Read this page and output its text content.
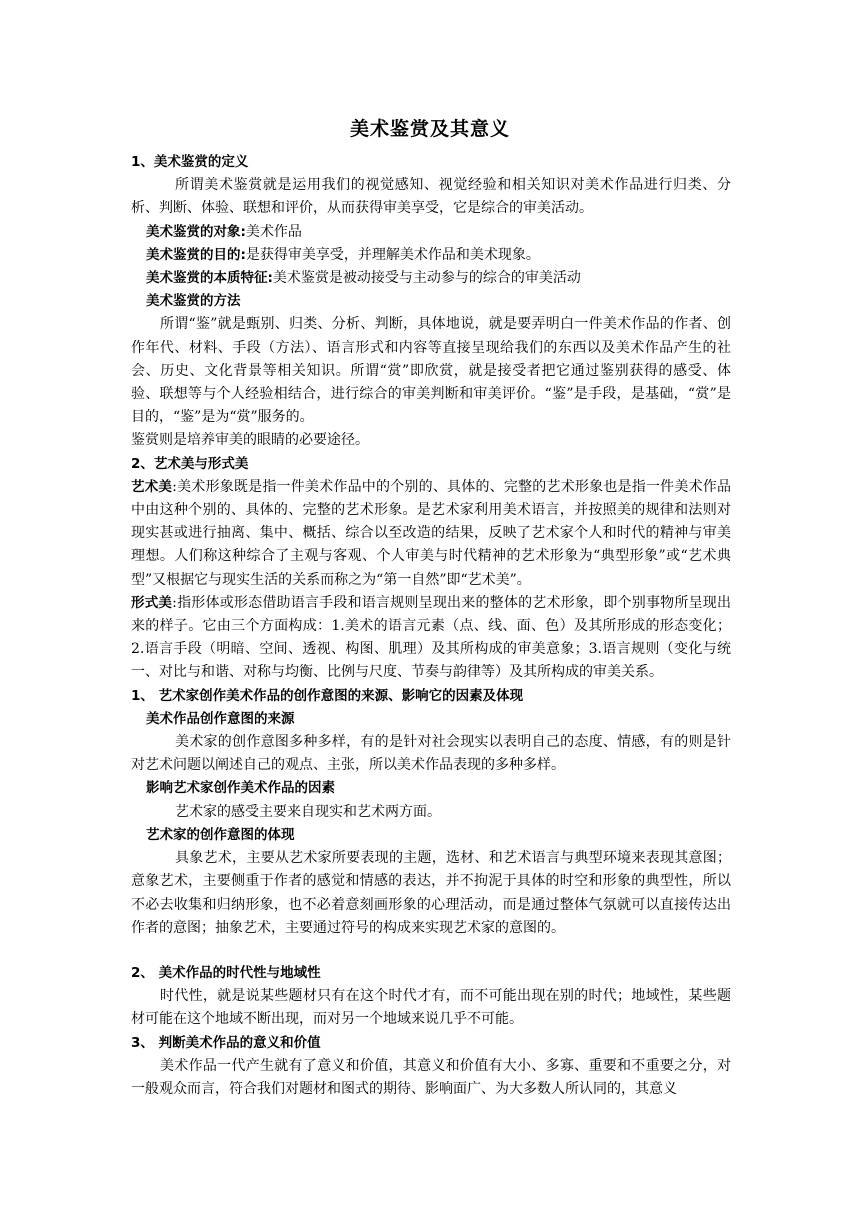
美术鉴赏及其意义

1、美术鉴赏的定义

所谓美术鉴赏就是运用我们的视觉感知、视觉经验和相关知识对美术作品进行归类、分析、判断、体验、联想和评价，从而获得审美享受，它是综合的审美活动。

美术鉴赏的对象:美术作品

美术鉴赏的目的:是获得审美享受，并理解美术作品和美术现象。

美术鉴赏的本质特征:美术鉴赏是被动接受与主动参与的综合的审美活动

美术鉴赏的方法

所谓“鉴”就是甄别、归类、分析、判断，具体地说，就是要弄明白一件美术作品的作者、创作年代、材料、手段（方法）、语言形式和内容等直接呈现给我们的东西以及美术作品产生的社会、历史、文化背景等相关知识。所谓“赏”即欣赏，就是接受者把它通过鉴别获得的感受、体验、联想等与个人经验相结合，进行综合的审美判断和审美评价。“鉴”是手段，是基础，“赏”是目的，“鉴”是为“赏”服务的。

鉴赏则是培养审美的眼睛的必要途径。

2、艺术美与形式美

艺术美:美术形象既是指一件美术作品中的个别的、具体的、完整的艺术形象也是指一件美术作品中由这种个别的、具体的、完整的艺术形象。是艺术家利用美术语言，并按照美的规律和法则对现实甚或进行抽离、集中、概括、综合以至改造的结果，反映了艺术家个人和时代的精神与审美理想。人们称这种综合了主观与客观、个人审美与时代精神的艺术形象为“典型形象”或“艺术典型”又根据它与现实生活的关系而称之为“第一自然”即“艺术美”。

形式美:指形体或形态借助语言手段和语言规则呈现出来的整体的艺术形象，即个别事物所呈现出来的样子。它由三个方面构成：1.美术的语言元素（点、线、面、色）及其所形成的形态变化；2.语言手段（明暗、空间、透视、构图、肌理）及其所构成的审美意象；3.语言规则（变化与统一、对比与和谐、对称与均衡、比例与尺度、节奏与韵律等）及其所构成的审美关系。

1、 艺术家创作美术作品的创作意图的来源、影响它的因素及体现

美术作品创作意图的来源

美术家的创作意图多种多样，有的是针对社会现实以表明自己的态度、情感，有的则是针对艺术问题以阐述自己的观点、主张，所以美术作品表现的多种多样。

影响艺术家创作美术作品的因素

艺术家的感受主要来自现实和艺术两方面。

艺术家的创作意图的体现

具象艺术，主要从艺术家所要表现的主题，选材、和艺术语言与典型环境来表现其意图；意象艺术，主要侧重于作者的感觉和情感的表达，并不拘泥于具体的时空和形象的典型性，所以不必去收集和归纳形象，也不必着意刻画形象的心理活动，而是通过整体气氛就可以直接传达出作者的意图；抽象艺术，主要通过符号的构成来实现艺术家的意图的。

2、 美术作品的时代性与地域性

时代性，就是说某些题材只有在这个时代才有，而不可能出现在别的时代；地域性，某些题材可能在这个地域不断出现，而对另一个地域来说几乎不可能。

3、 判断美术作品的意义和价值

美术作品一代产生就有了意义和价值，其意义和价值有大小、多寡、重要和不重要之分，对一般观众而言，符合我们对题材和图式的期待、影响面广、为大多数人所认同的，其意义
